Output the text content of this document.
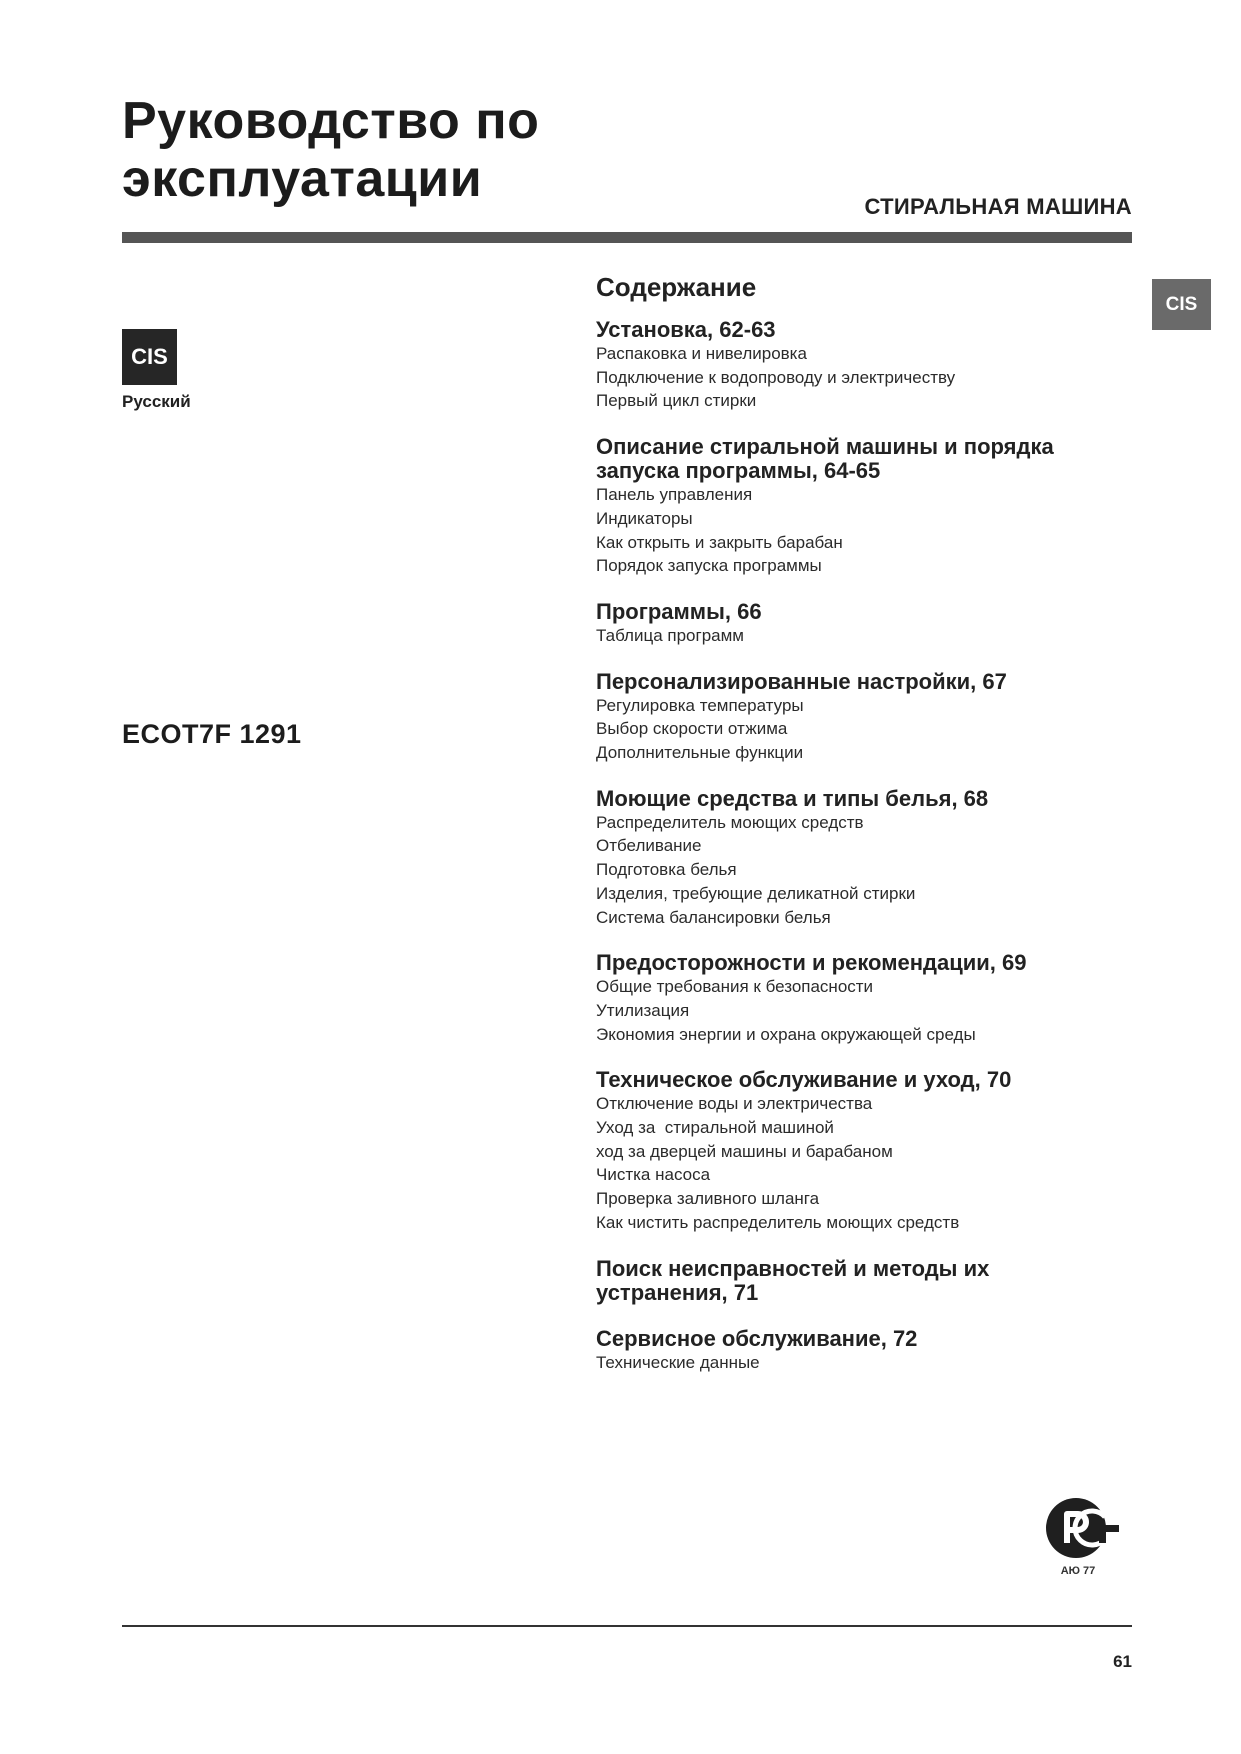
Руководство по
эксплуатации	СТИРАЛЬНАЯ МАШИНА
CIS
CIS
Русский
ECOT7F 1291
Содержание
Установка, 62-63
Распаковка и нивелировка
Подключение к водопроводу и электричеству
Первый цикл стирки
Описание стиральной машины и порядка
запуска программы, 64-65
Панель управления
Индикаторы
Как открыть и закрыть барабан
Порядок запуска программы
Программы, 66
Таблица программ
Персонализированные настройки, 67
Регулировка температуры
Выбор скорости отжима
Дополнительные функции
Моющие средства и типы белья, 68
Распределитель моющих средств
Отбеливание
Подготовка белья
Изделия, требующие деликатной стирки
Система балансировки белья
Предосторожности и рекомендации, 69
Общие требования к безопасности
Утилизация
Экономия энергии и охрана окружающей среды
Техническое обслуживание и уход, 70
Отключение воды и электричества
Уход за  стиральной машиной
ход за дверцей машины и барабаном
Чистка насоса
Проверка заливного шланга
Как чистить распределитель моющих средств
Поиск неисправностей и методы их
устранения, 71
Сервисное обслуживание, 72
Технические данные
АЮ 77
61
